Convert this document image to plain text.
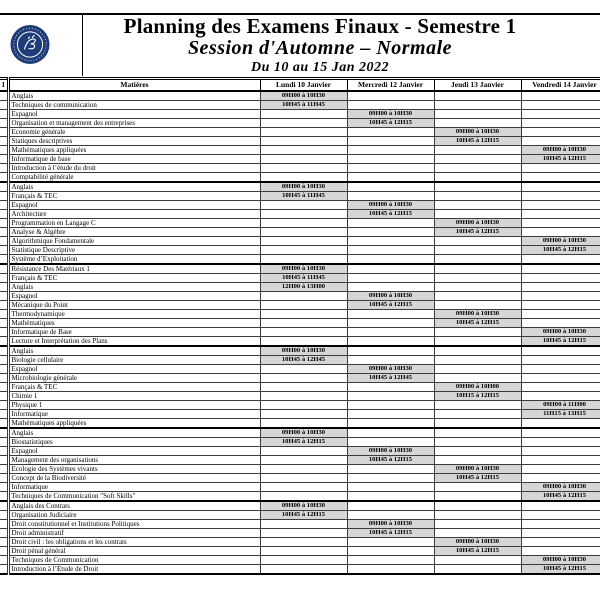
Planning des Examens Finaux - Semestre 1
Session d'Automne – Normale
Du 10 au 15 Jan 2022
1	Matières	Lundi 10 Janvier	Mercredi 12 Janvier	Jeudi 13 Janvier	Vendredi 14 Janvier
	Anglais	09H00 à 10H30			
	Techniques de communication	10H45 à 11H45			
	Espagnol		09H00 à 10H30		
	Organisation et management des entreprises		10H45 à 12H15		
	Economie générale			09H00 à 10H30	
	Statiques descriptives			10H45 à 12H15	
	Mathématiques appliquées				09H00 à 10H30
	Informatique de base				10H45 à 12H15
	Introduction à l’étude du droit				
	Comptabilité générale				
	Anglais	09H00 à 10H30			
	Français & TEC	10H45 à 11H45			
	Espagnol		09H00 à 10H30		
	Architecture		10H45 à 12H15		
	Programmation en Langage C			09H00 à 10H30	
	Analyse & Algèbre			10H45 à 12H15	
	Algorithmique Fondamentale				09H00 à 10H30
	Statistique Descriptive				10H45 à 12H15
	Système d’Exploitation				
	Résistance Des Matériaux 1	09H00 à 10H30			
	Français & TEC	10H45 à 11H45			
	Anglais	12H00 à 13H00			
	Espagnol		09H00 à 10H30		
	Mécanique du Point		10H45 à 12H15		
	Thermodynamique			09H00 à 10H30	
	Mathématiques			10H45 à 12H15	
	Informatique de Base				09H00 à 10H30
	Lecture et Interprétation des Plans				10H45 à 12H15
	Anglais	09H00 à 10H30			
	Biologie cellulaire	10H45 à 12H45			
	Espagnol		09H00 à 10H30		
	Microbiologie générale		10H45 à 12H45		
	Français & TEC			09H00 à 10H00	
	Chimie 1			10H15 à 12H15	
	Physique 1				09H00 à 11H00
	Informatique				11H15 à 13H15
	Mathématiques appliquées				
	Anglais	09H00 à 10H30			
	Biostatistiques	10H45 à 12H15			
	Espagnol		09H00 à 10H30		
	Management des organisations		10H45 à 12H15		
	Ecologie des Systèmes vivants			09H00 à 10H30	
	Concept de la Biodiversité			10H45 à 12H15	
	Informatique				09H00 à 10H30
	Techniques de Communication "Soft Skills"				10H45 à 12H15
	Anglais des Contrats	09H00 à 10H30			
	Organisation Judiciaire	10H45 à 12H15			
	Droit constitutionnel et Institutions Politiques		09H00 à 10H30		
	Droit administratif		10H45 à 12H15		
	Droit civil : les obligations et les contrats			09H00 à 10H30	
	Droit pénal général			10H45 à 12H15	
	Techniques de Communication				09H00 à 10H30
	Introduction à l’Etude de Droit				10H45 à 12H15
